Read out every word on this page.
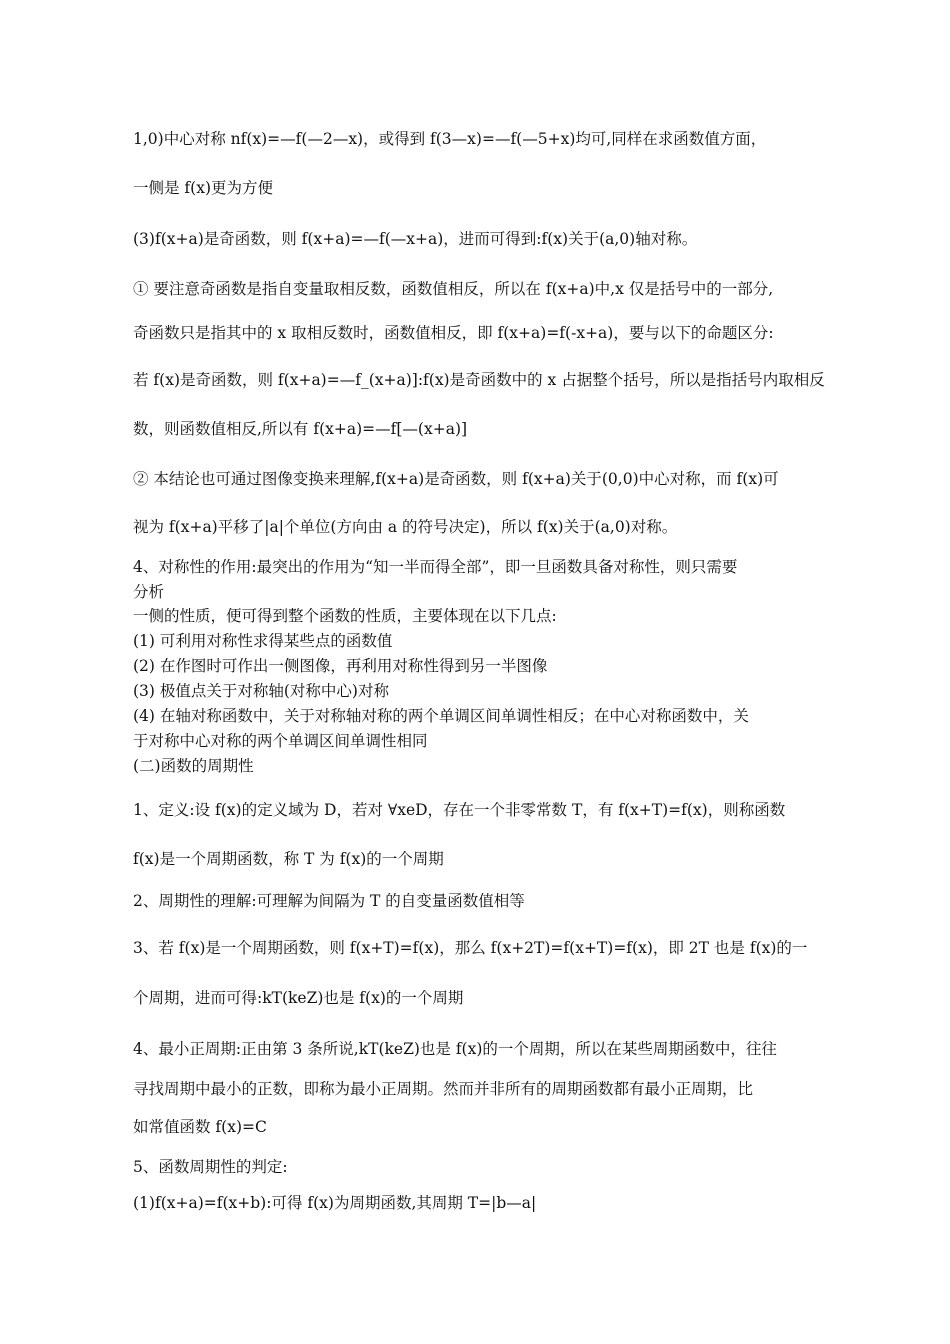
1,0)中心对称 nf(x)=—f(—2—x)，或得到 f(3—x)=—f(—5+x)均可,同样在求函数值方面，
一侧是 f(x)更为方便
(3)f(x+a)是奇函数，则 f(x+a)=—f(—x+a)，进而可得到:f(x)关于(a,0)轴对称。
① 要注意奇函数是指自变量取相反数，函数值相反，所以在 f(x+a)中,x 仅是括号中的一部分,
奇函数只是指其中的 x 取相反数时，函数值相反，即 f(x+a)=f(-x+a)，要与以下的命题区分:
若 f(x)是奇函数，则 f(x+a)=—f_(x+a)]:f(x)是奇函数中的 x 占据整个括号，所以是指括号内取相反
数，则函数值相反,所以有 f(x+a)=—f[—(x+a)]
② 本结论也可通过图像变换来理解,f(x+a)是奇函数，则 f(x+a)关于(0,0)中心对称，而 f(x)可
视为 f(x+a)平移了|a|个单位(方向由 a 的符号决定)，所以 f(x)关于(a,0)对称。
4、对称性的作用:最突出的作用为“知一半而得全部”，即一旦函数具备对称性，则只需要
分析
一侧的性质，便可得到整个函数的性质，主要体现在以下几点:
(1) 可利用对称性求得某些点的函数值
(2) 在作图时可作出一侧图像，再利用对称性得到另一半图像
(3) 极值点关于对称轴(对称中心)对称
(4) 在轴对称函数中，关于对称轴对称的两个单调区间单调性相反；在中心对称函数中，关
于对称中心对称的两个单调区间单调性相同
(二)函数的周期性
1、定义:设 f(x)的定义域为 D，若对 ∀xeD，存在一个非零常数 T，有 f(x+T)=f(x)，则称函数
f(x)是一个周期函数，称 T 为 f(x)的一个周期
2、周期性的理解:可理解为间隔为 T 的自变量函数值相等
3、若 f(x)是一个周期函数，则 f(x+T)=f(x)，那么 f(x+2T)=f(x+T)=f(x)，即 2T 也是 f(x)的一
个周期，进而可得:kT(keZ)也是 f(x)的一个周期
4、最小正周期:正由第 3 条所说,kT(keZ)也是 f(x)的一个周期，所以在某些周期函数中，往往
寻找周期中最小的正数，即称为最小正周期。然而并非所有的周期函数都有最小正周期，比
如常值函数 f(x)=C
5、函数周期性的判定:
(1)f(x+a)=f(x+b):可得 f(x)为周期函数,其周期 T=|b—a|
